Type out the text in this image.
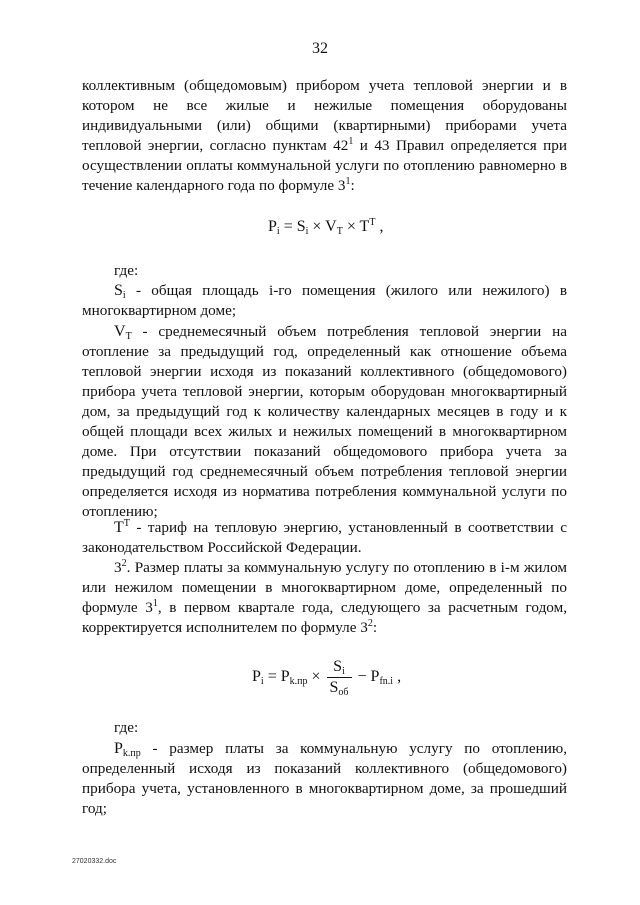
32

коллективным (общедомовым) прибором учета тепловой энергии и в котором не все жилые и нежилые помещения оборудованы индивидуальными (или) общими (квартирными) приборами учета тепловой энергии, согласно пунктам $42^1$ и 43 Правил определяется при осуществлении оплаты коммунальной услуги по отоплению равномерно в течение календарного года по формуле $3^1$:

$P_i = S_i \times V_T \times T^T$ ,

где:

$S_i$ - общая площадь i-го помещения (жилого или нежилого) в многоквартирном доме;

$V_T$ - среднемесячный объем потребления тепловой энергии на отопление за предыдущий год, определенный как отношение объема тепловой энергии исходя из показаний коллективного (общедомового) прибора учета тепловой энергии, которым оборудован многоквартирный дом, за предыдущий год к количеству календарных месяцев в году и к общей площади всех жилых и нежилых помещений в многоквартирном доме. При отсутствии показаний общедомового прибора учета за предыдущий год среднемесячный объем потребления тепловой энергии определяется исходя из норматива потребления коммунальной услуги по отоплению;

$T^T$ - тариф на тепловую энергию, установленный в соответствии с законодательством Российской Федерации.

$3^2$. Размер платы за коммунальную услугу по отоплению в i-м жилом или нежилом помещении в многоквартирном доме, определенный по формуле $3^1$, в первом квартале года, следующего за расчетным годом, корректируется исполнителем по формуле $3^2$:

$P_i = P_{k.пр} \times \frac{S_i}{S_{об}} - P_{fn.i}$ ,

где:

$P_{k.пр}$ - размер платы за коммунальную услугу по отоплению, определенный исходя из показаний коллективного (общедомового) прибора учета, установленного в многоквартирном доме, за прошедший год;

27020332.doc
